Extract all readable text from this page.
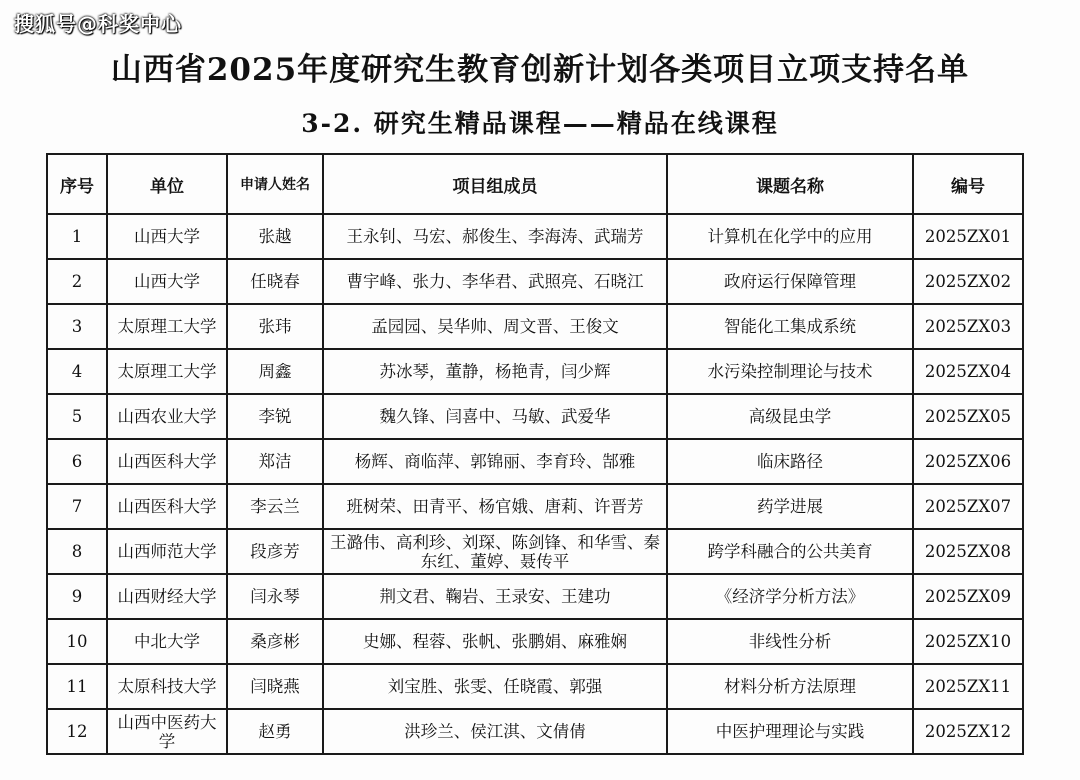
搜狐号@科奖中心
山西省2025年度研究生教育创新计划各类项目立项支持名单
3-2. 研究生精品课程——精品在线课程
序号	单位	申请人姓名	项目组成员	课题名称	编号
1	山西大学	张越	王永钊、马宏、郝俊生、李海涛、武瑞芳	计算机在化学中的应用	2025ZX01
2	山西大学	任晓春	曹宇峰、张力、李华君、武照亮、石晓江	政府运行保障管理	2025ZX02
3	太原理工大学	张玮	孟园园、吴华帅、周文晋、王俊文	智能化工集成系统	2025ZX03
4	太原理工大学	周鑫	苏冰琴，董静，杨艳青，闫少辉	水污染控制理论与技术	2025ZX04
5	山西农业大学	李锐	魏久锋、闫喜中、马敏、武爱华	高级昆虫学	2025ZX05
6	山西医科大学	郑洁	杨辉、商临萍、郭锦丽、李育玲、郜雅	临床路径	2025ZX06
7	山西医科大学	李云兰	班树荣、田青平、杨官娥、唐莉、许晋芳	药学进展	2025ZX07
8	山西师范大学	段彦芳	王潞伟、高利珍、刘琛、陈剑锋、和华雪、秦东红、董婷、聂传平	跨学科融合的公共美育	2025ZX08
9	山西财经大学	闫永琴	荆文君、鞠岩、王录安、王建功	《经济学分析方法》	2025ZX09
10	中北大学	桑彦彬	史娜、程蓉、张帆、张鹏娟、麻雅娴	非线性分析	2025ZX10
11	太原科技大学	闫晓燕	刘宝胜、张雯、任晓霞、郭强	材料分析方法原理	2025ZX11
12	山西中医药大学	赵勇	洪珍兰、侯江淇、文倩倩	中医护理理论与实践	2025ZX12
